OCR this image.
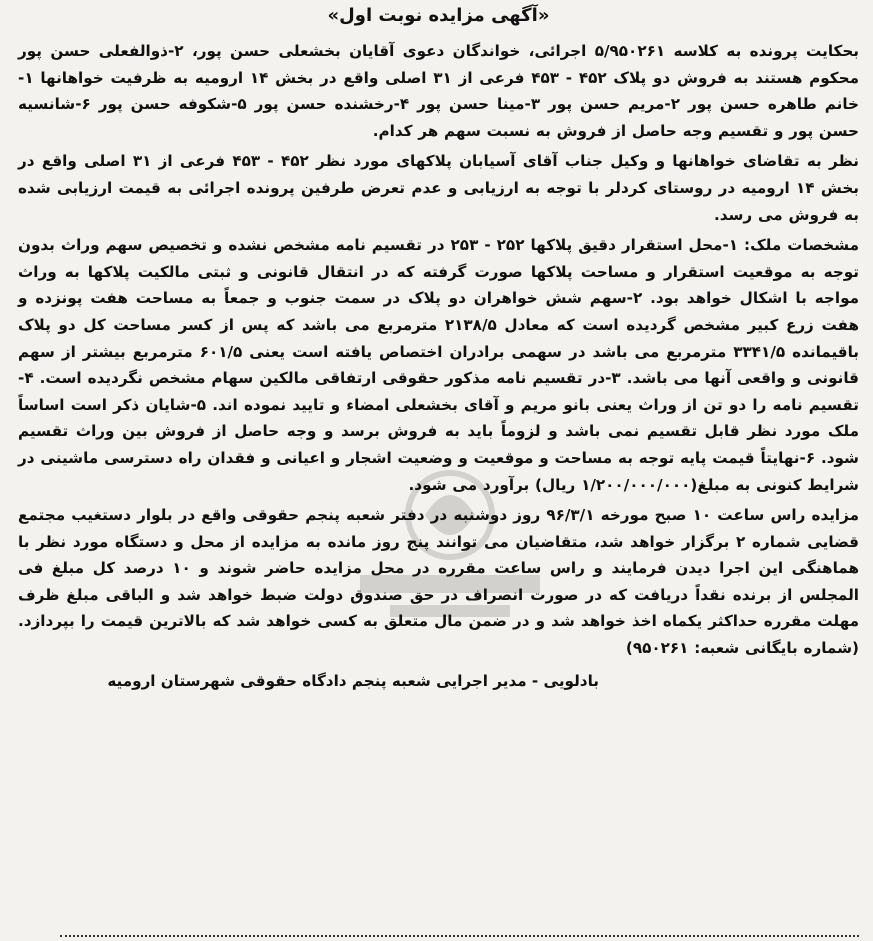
«آگهی مزایده نوبت اول»

بحکایت پرونده به کلاسه ۵/۹۵۰۲۶۱ اجرائی، خواندگان دعوی آقایان بخشعلی حسن پور، ۲-ذوالفعلی حسن پور محکوم هستند به فروش دو پلاک ۴۵۲ - ۴۵۳ فرعی از ۳۱ اصلی واقع در بخش ۱۴ ارومیه به ظرفیت خواهانها ۱-خانم طاهره حسن پور ۲-مریم حسن پور ۳-مینا حسن پور ۴-رخشنده حسن پور ۵-شکوفه حسن پور ۶-شانسیه حسن پور و تقسیم وجه حاصل از فروش به نسبت سهم هر کدام.

نظر به تقاضای خواهانها و وکیل جناب آقای آسیابان پلاکهای مورد نظر ۴۵۲ - ۴۵۳ فرعی از ۳۱ اصلی واقع در بخش ۱۴ ارومیه در روستای کردلر با توجه به ارزیابی و عدم تعرض طرفین پرونده اجرائی به قیمت ارزیابی شده به فروش می رسد.

مشخصات ملک: ۱-محل استقرار دقیق پلاکها ۲۵۲ - ۲۵۳ در تقسیم نامه مشخص نشده و تخصیص سهم وراث بدون توجه به موقعیت استقرار و مساحت پلاکها صورت گرفته که در انتقال قانونی و ثبتی مالکیت پلاکها به وراث مواجه با اشکال خواهد بود. ۲-سهم شش خواهران دو پلاک در سمت جنوب و جمعاً به مساحت هفت پونزده و هفت زرع کبیر مشخص گردیده است که معادل ۲۱۳۸/۵ مترمربع می باشد که پس از کسر مساحت کل دو پلاک باقیمانده ۳۳۴۱/۵ مترمربع می باشد در سهمی برادران اختصاص یافته است یعنی ۶۰۱/۵ مترمربع بیشتر از سهم قانونی و واقعی آنها می باشد. ۳-در تقسیم نامه مذکور حقوقی ارتفاقی مالکین سهام مشخص نگردیده است. ۴-تقسیم نامه را دو تن از وراث یعنی بانو مریم و آقای بخشعلی امضاء و تایید نموده اند. ۵-شایان ذکر است اساساً ملک مورد نظر قابل تقسیم نمی باشد و لزوماً باید به فروش برسد و وجه حاصل از فروش بین وراث تقسیم شود. ۶-نهایتاً قیمت پایه توجه به مساحت و موقعیت و وضعیت اشجار و اعیانی و فقدان راه دسترسی ماشینی در شرایط کنونی به مبلغ(۱/۲۰۰/۰۰۰/۰۰۰ ریال) برآورد می شود.

مزایده راس ساعت ۱۰ صبح مورخه ۹۶/۳/۱ روز دوشنبه در دفتر شعبه پنجم حقوقی واقع در بلوار دستغیب مجتمع قضایی شماره ۲ برگزار خواهد شد، متقاضیان می توانند پنج روز مانده به مزایده از محل و دستگاه مورد نظر با هماهنگی این اجرا دیدن فرمایند و راس ساعت مقرره در محل مزایده حاضر شوند و ۱۰ درصد کل مبلغ فی المجلس از برنده نقداً دریافت که در صورت انصراف در حق صندوق دولت ضبط خواهد شد و الباقی مبلغ ظرف مهلت مقرره حداکثر یکماه اخذ خواهد شد و در ضمن مال متعلق به کسی خواهد شد که بالاترین قیمت را بپردازد.(شماره بایگانی شعبه: ۹۵۰۲۶۱)

بادلویی - مدیر اجرایی شعبه پنجم دادگاه حقوقی شهرستان ارومیه
